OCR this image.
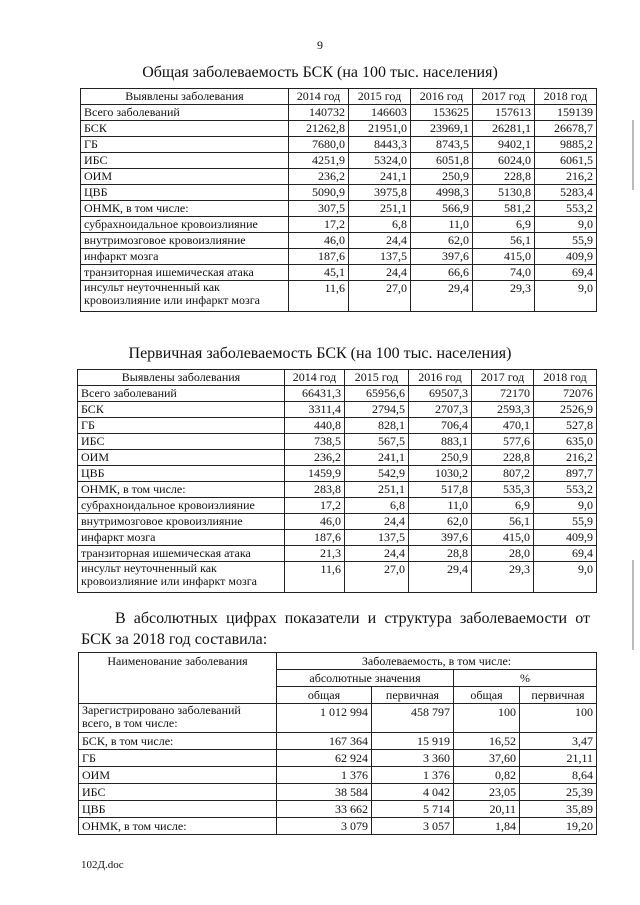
9
Общая заболеваемость БСК (на 100 тыс. населения)
Выявлены заболевания	2014 год	2015 год	2016 год	2017 год	2018 год
Всего заболеваний	140732	146603	153625	157613	159139
БСК	21262,8	21951,0	23969,1	26281,1	26678,7
ГБ	7680,0	8443,3	8743,5	9402,1	9885,2
ИБС	4251,9	5324,0	6051,8	6024,0	6061,5
ОИМ	236,2	241,1	250,9	228,8	216,2
ЦВБ	5090,9	3975,8	4998,3	5130,8	5283,4
ОНМК, в том числе:	307,5	251,1	566,9	581,2	553,2
субрахноидальное кровоизлияние	17,2	6,8	11,0	6,9	9,0
внутримозговое кровоизлияние	46,0	24,4	62,0	56,1	55,9
инфаркт мозга	187,6	137,5	397,6	415,0	409,9
транзиторная ишемическая атака	45,1	24,4	66,6	74,0	69,4
инсульт неуточненный как кровоизлияние или инфаркт мозга	11,6	27,0	29,4	29,3	9,0
Первичная заболеваемость БСК (на 100 тыс. населения)
Выявлены заболевания	2014 год	2015 год	2016 год	2017 год	2018 год
Всего заболеваний	66431,3	65956,6	69507,3	72170	72076
БСК	3311,4	2794,5	2707,3	2593,3	2526,9
ГБ	440,8	828,1	706,4	470,1	527,8
ИБС	738,5	567,5	883,1	577,6	635,0
ОИМ	236,2	241,1	250,9	228,8	216,2
ЦВБ	1459,9	542,9	1030,2	807,2	897,7
ОНМК, в том числе:	283,8	251,1	517,8	535,3	553,2
субрахноидальное кровоизлияние	17,2	6,8	11,0	6,9	9,0
внутримозговое кровоизлияние	46,0	24,4	62,0	56,1	55,9
инфаркт мозга	187,6	137,5	397,6	415,0	409,9
транзиторная ишемическая атака	21,3	24,4	28,8	28,0	69,4
инсульт неуточненный как кровоизлияние или инфаркт мозга	11,6	27,0	29,4	29,3	9,0
В абсолютных цифрах показатели и структура заболеваемости от БСК за 2018 год составила:
Наименование заболевания	Заболеваемость, в том числе:			
	абсолютные значения		%	
	общая	первичная	общая	первичная
Зарегистрировано заболеваний всего, в том числе:	1 012 994	458 797	100	100
БСК, в том числе:	167 364	15 919	16,52	3,47
ГБ	62 924	3 360	37,60	21,11
ОИМ	1 376	1 376	0,82	8,64
ИБС	38 584	4 042	23,05	25,39
ЦВБ	33 662	5 714	20,11	35,89
ОНМК, в том числе:	3 079	3 057	1,84	19,20
102Д.doc
